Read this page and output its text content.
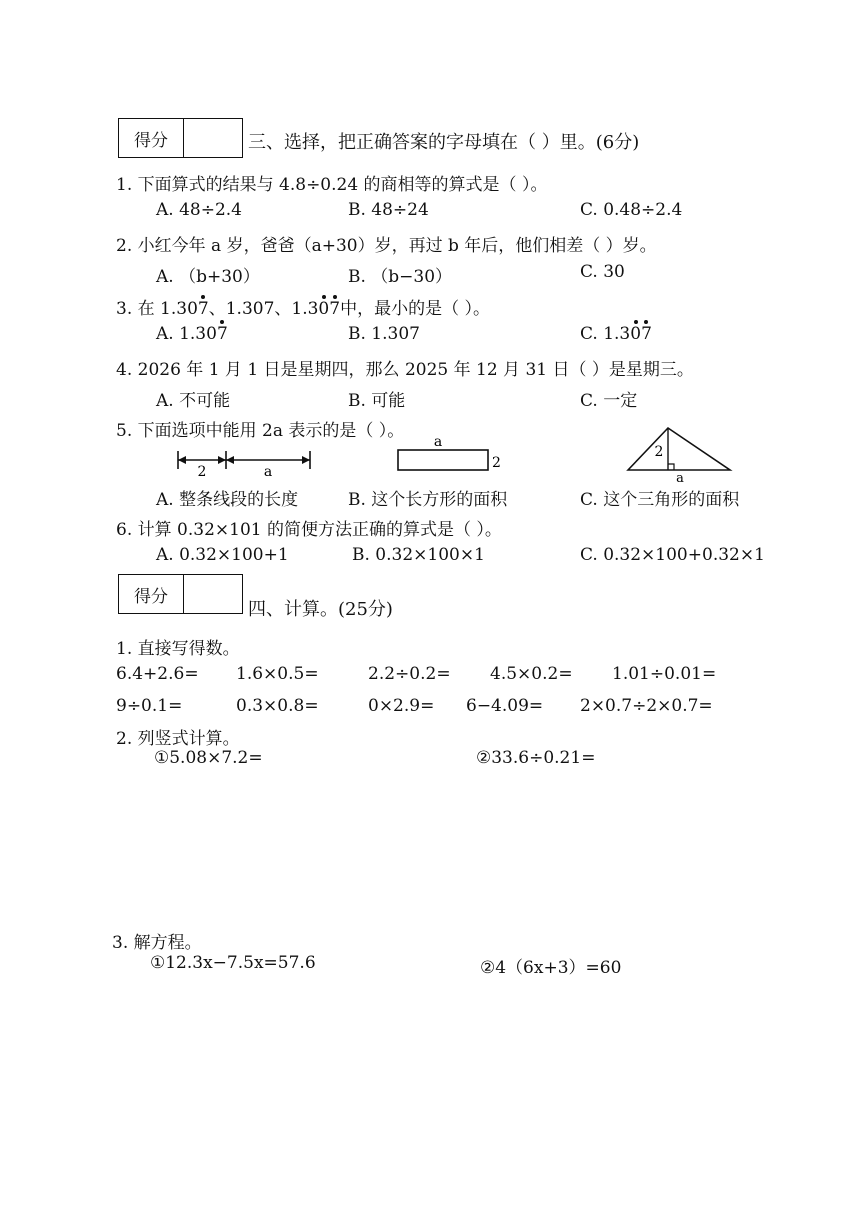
得分	三、选择，把正确答案的字母填在（ ）里。(6分)
1. 下面算式的结果与 4.8÷0.24 的商相等的算式是（ ）。
A. 48÷2.4	B. 48÷24	C. 0.48÷2.4
2. 小红今年 a 岁，爸爸（a+30）岁，再过 b 年后，他们相差（ ）岁。
A. （b+30）	B. （b−30）	C. 30
3. 在 1.307、1.307、1.307中，最小的是（ ）。
A. 1.307	B. 1.307	C. 1.307
4. 2026 年 1 月 1 日是星期四，那么 2025 年 12 月 31 日（ ）是星期三。
A. 不可能	B. 可能	C. 一定
5. 下面选项中能用 2a 表示的是（ ）。
2	a
a
2
2
a
A. 整条线段的长度	B. 这个长方形的面积	C. 这个三角形的面积
6. 计算 0.32×101 的简便方法正确的算式是（ ）。
A. 0.32×100+1	B. 0.32×100×1	C. 0.32×100+0.32×1
得分
四、计算。(25分)
1. 直接写得数。
6.4+2.6= 1.6×0.5=	2.2÷0.2= 4.5×0.2= 1.01÷0.01=
9÷0.1=	0.3×0.8=	0×2.9= 6−4.09= 2×0.7÷2×0.7=
2. 列竖式计算。
①5.08×7.2=	②33.6÷0.21=
3. 解方程。
①12.3x−7.5x=57.6	②4（6x+3）=60
